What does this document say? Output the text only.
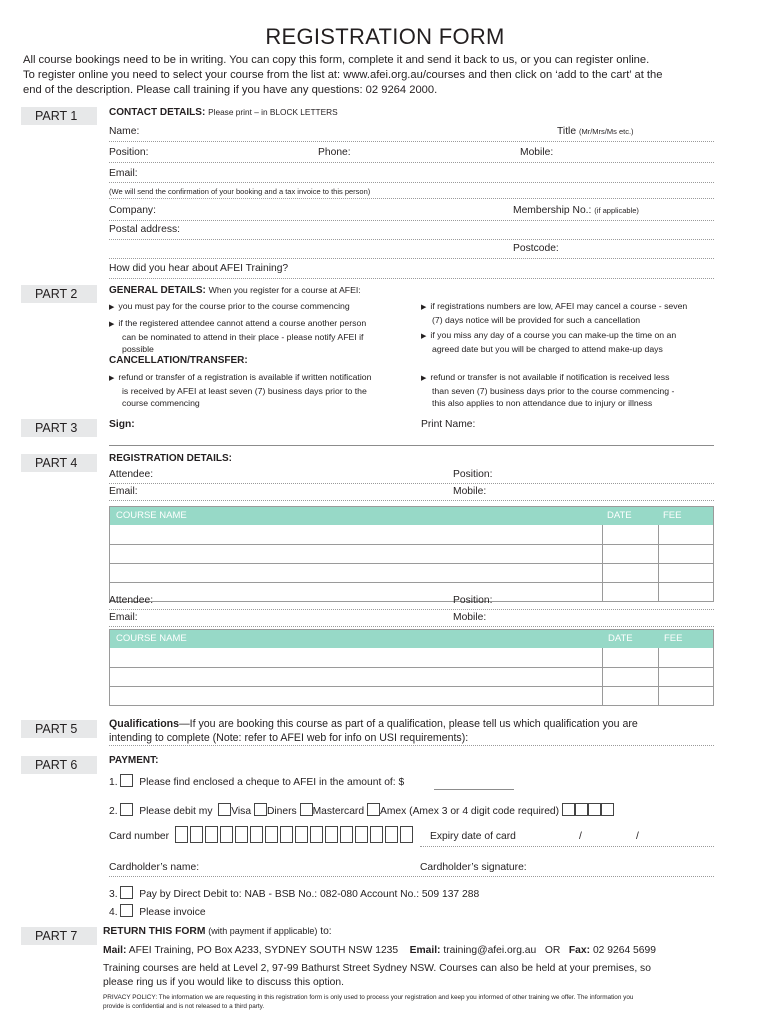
REGISTRATION FORM
All course bookings need to be in writing. You can copy this form, complete it and send it back to us, or you can register online.
To register online you need to select your course from the list at: www.afei.org.au/courses and then click on ‘add to the cart’ at the
end of the description. Please call training if you have any questions: 02 9264 2000.
PART 1	CONTACT DETAILS: Please print – in BLOCK LETTERS
Name:	Title (Mr/Mrs/Ms etc.)
Position:	Phone:	Mobile:
Email:
(We will send the confirmation of your booking and a tax invoice to this person)
Company:	Membership No.: (if applicable)
Postal address:
Postcode:
How did you hear about AFEI Training?
PART 2	GENERAL DETAILS: When you register for a course at AFEI:
▶ you must pay for the course prior to the course commencing
▶ if the registered attendee cannot attend a course another person
can be nominated to attend in their place - please notify AFEI if
possible
▶ if registrations numbers are low, AFEI may cancel a course - seven
(7) days notice will be provided for such a cancellation
▶ if you miss any day of a course you can make-up the time on an
agreed date but you will be charged to attend make-up days
CANCELLATION/TRANSFER:
▶ refund or transfer of a registration is available if written notification
is received by AFEI at least seven (7) business days prior to the
course commencing
▶ refund or transfer is not available if notification is received less
than seven (7) business days prior to the course commencing -
this also applies to non attendance due to injury or illness
PART 3	Sign:	Print Name:
PART 4	REGISTRATION DETAILS:
Attendee:	Position:
Email:	Mobile:
COURSE NAME	DATE	FEE
Attendee:	Position:
Email:	Mobile:
COURSE NAME	DATE	FEE
PART 5	Qualifications—If you are booking this course as part of a qualification, please tell us which qualification you are
intending to complete (Note: refer to AFEI web for info on USI requirements):
PART 6	PAYMENT:
1. Please find enclosed a cheque to AFEI in the amount of: $
2. Please debit my Visa Diners Mastercard Amex (Amex 3 or 4 digit code required)
Card number	Expiry date of card	/	/
Cardholder’s name:	Cardholder’s signature:
3. Pay by Direct Debit to: NAB - BSB No.: 082-080 Account No.: 509 137 288
4. Please invoice
PART 7	RETURN THIS FORM (with payment if applicable) to:
Mail: AFEI Training, PO Box A233, SYDNEY SOUTH NSW 1235 Email: training@afei.org.au OR Fax: 02 9264 5699
Training courses are held at Level 2, 97-99 Bathurst Street Sydney NSW. Courses can also be held at your premises, so
please ring us if you would like to discuss this option.
PRIVACY POLICY: The information we are requesting in this registration form is only used to process your registration and keep you informed of other training we offer. The information you
provide is confidential and is not released to a third party.
